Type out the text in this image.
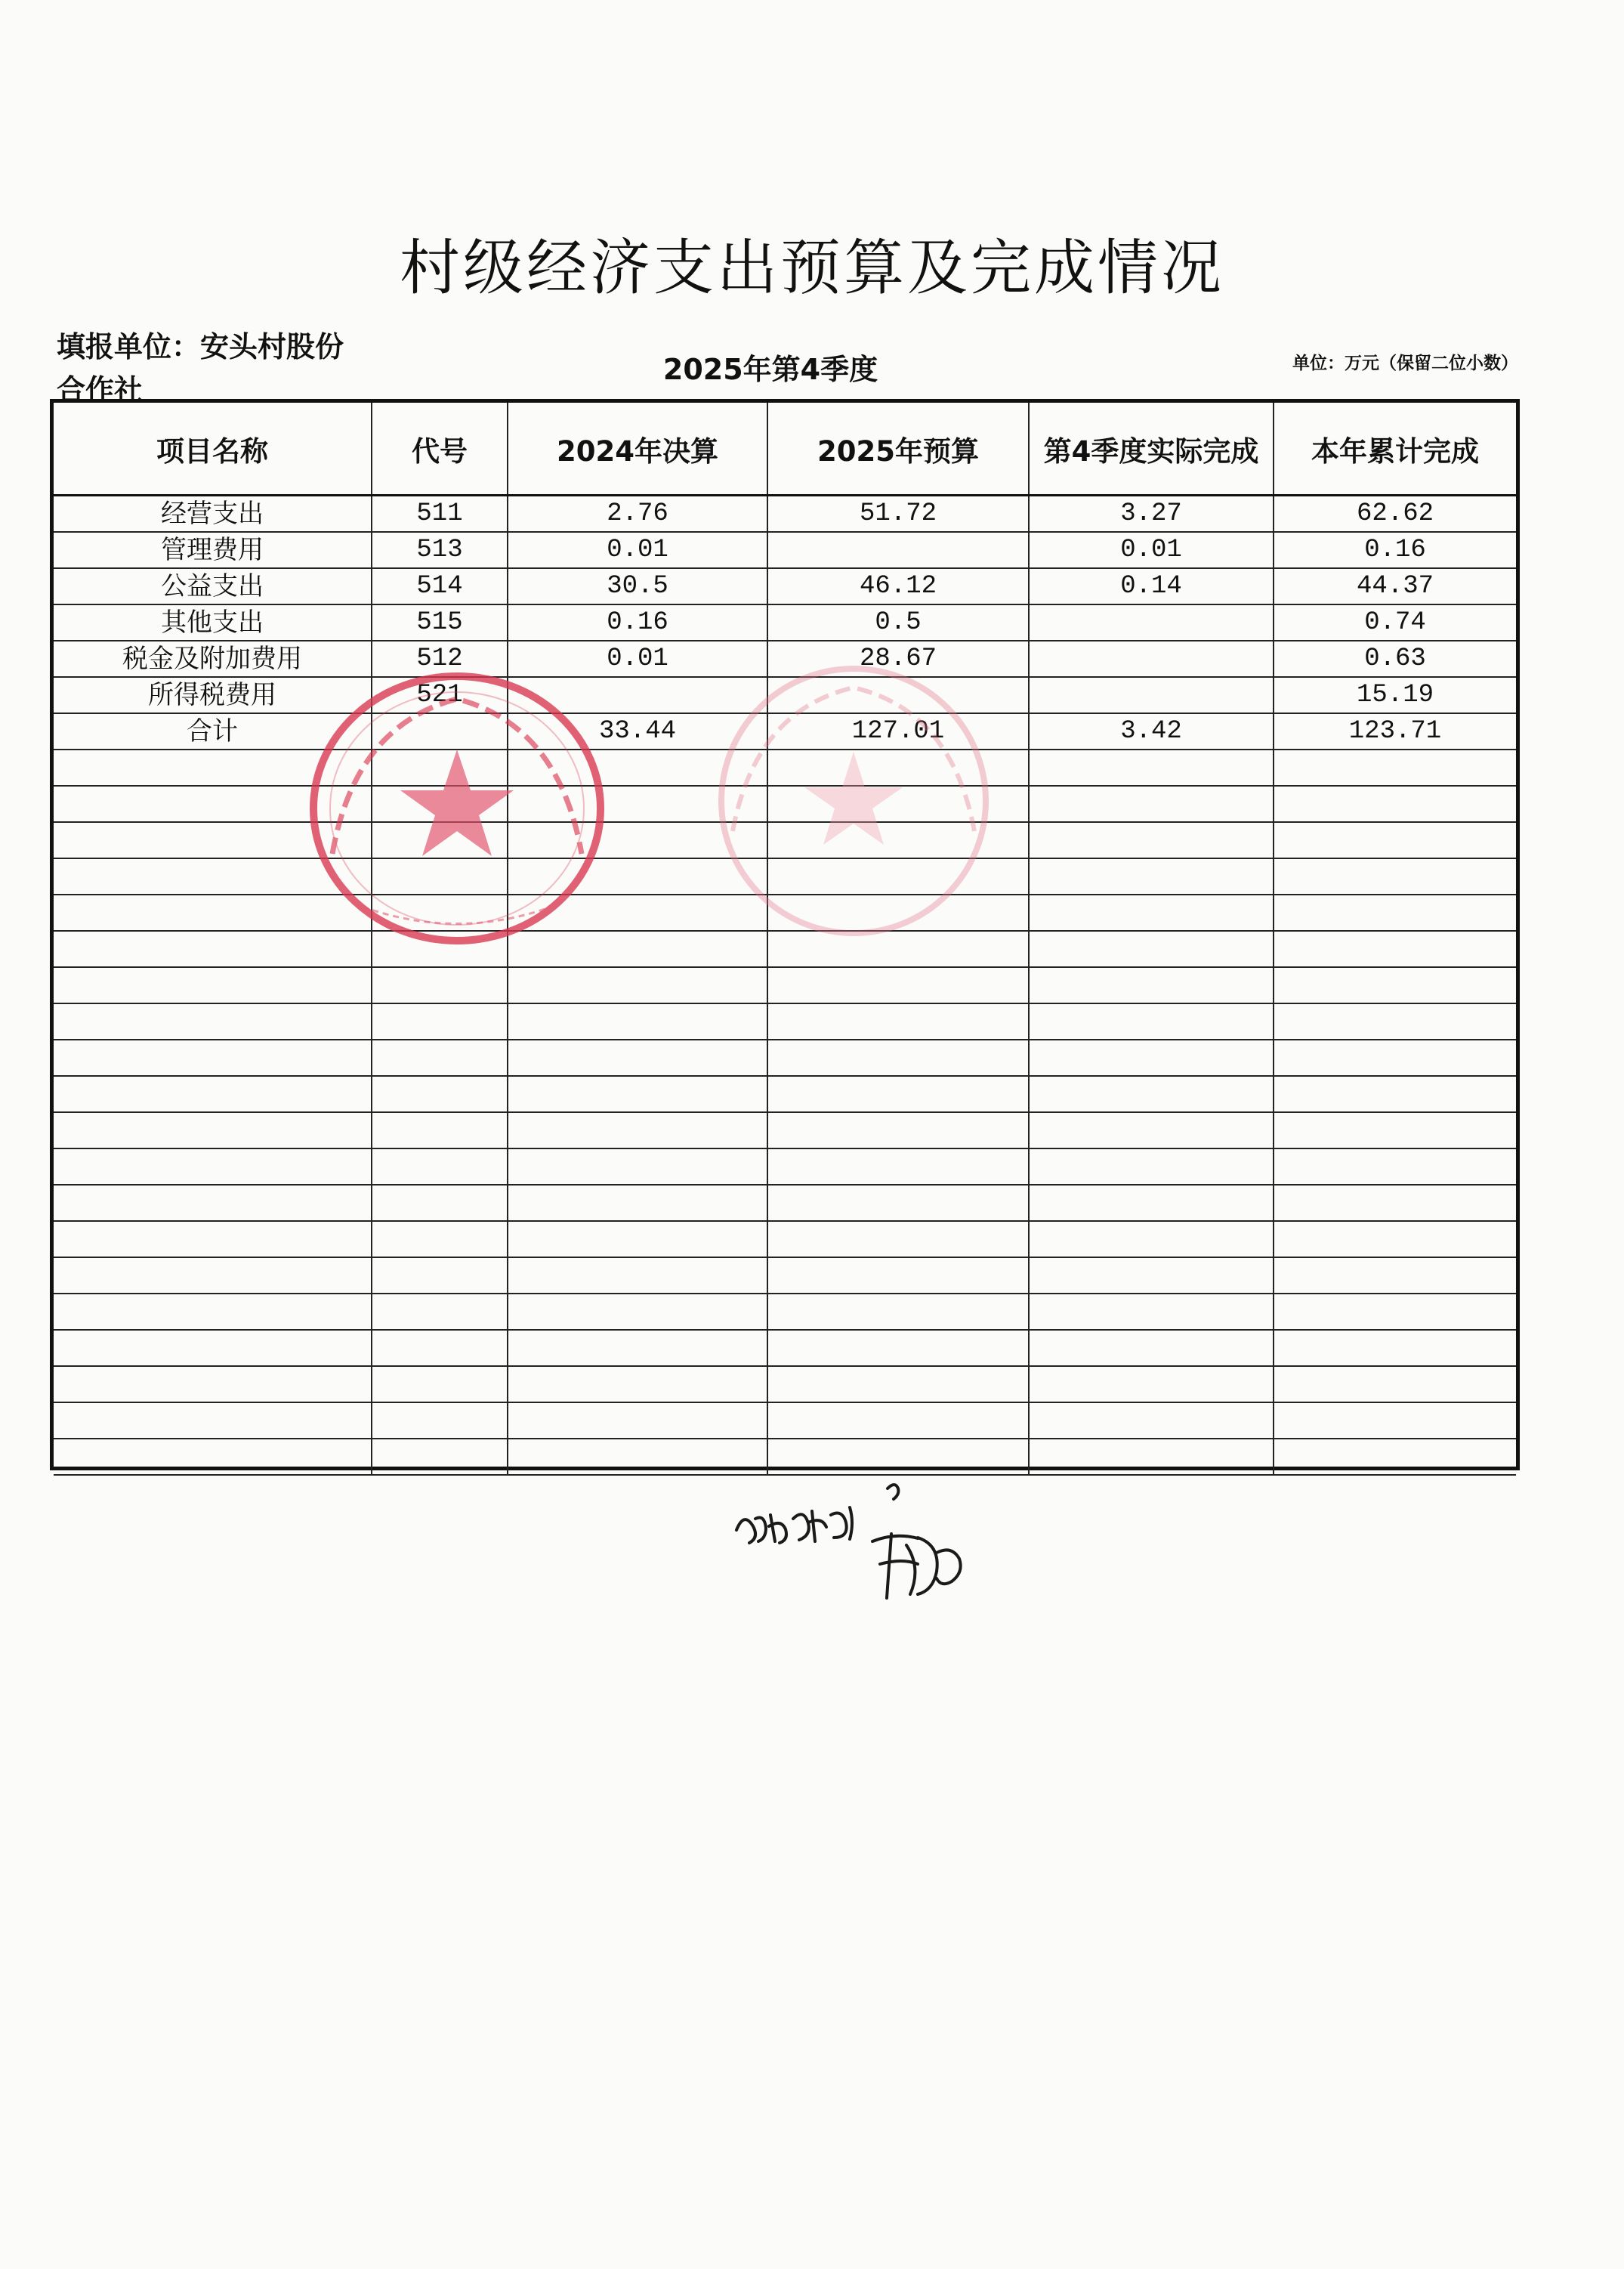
村级经济支出预算及完成情况
填报单位：安头村股份
合作社
2025年第4季度	单位：万元（保留二位小数）
项目名称	代号	2024年决算	2025年预算	第4季度实际完成	本年累计完成
经营支出	511	2.76	51.72	3.27	62.62
管理费用	513	0.01		0.01	0.16
公益支出	514	30.5	46.12	0.14	44.37
其他支出	515	0.16	0.5		0.74
税金及附加费用	512	0.01	28.67		0.63
所得税费用	521				15.19
合计		33.44	127.01	3.42	123.71
